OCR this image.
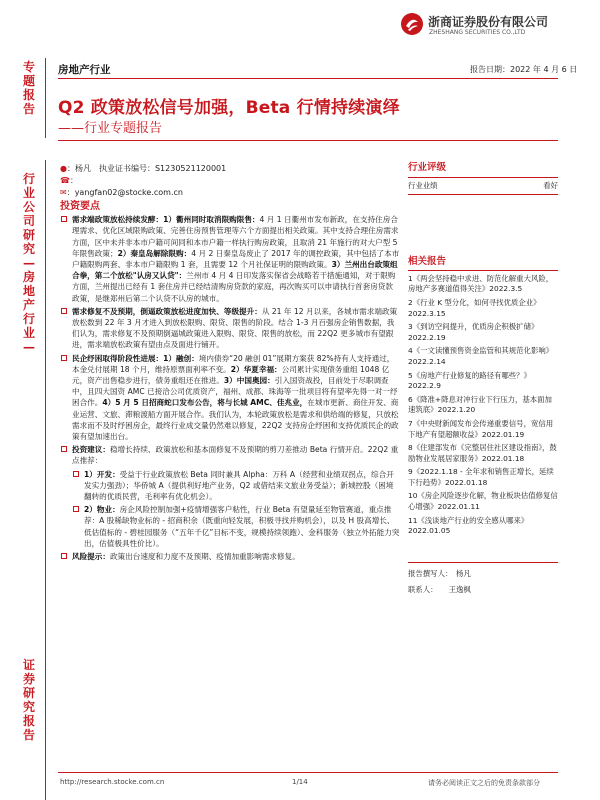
浙商证券股份有限公司
ZHESHANG SECURITIES CO.,LTD
房地产行业	报告日期：2022 年 4 月 6 日
专
题
报
告
行
业
公
司
研
究
—
房
地
产
行
业
—
证
券
研
究
报
告
Q2 政策放松信号加强，Beta 行情持续演绎
——行业专题报告
●：杨凡　执业证书编号：S1230521120001
☎：
✉：yangfan02@stocke.com.cn
投资要点
需求端政策放松持续发酵：1）衢州同时取消限购限售：4 月 1 日衢州市发布新政，在支持住房合理需求、优化区域限购政策、完善住房预售管理等六个方面提出相关政策。其中支持合理住房需求方面，区中未并非本市户籍可间同和本市户籍一样执行购房政策，且取消 21 年施行的对大户型 5 年限售政策；2）秦皇岛解除限购：4 月 2 日秦皇岛废止了 2017 年的调控政策，其中包括了本市户籍限购两套、非本市户籍限购 1 套，且需要 12 个月社保证明的限购政策。3）兰州出台政策组合拳，第二个放松"认房又认贷"：兰州市 4 月 4 日印发落实保省会战略若干措施通知，对于限购方面，兰州提出已经有 1 套住房并已经结清购房贷款的家庭，再次购买可以申请执行首套房贷款政策，是继郑州后第二个认贷不认房的城市。
需求修复不及预期，倒逼政策放松进度加快、等级提升：从 21 年 12 月以来，各城市需求端政策放松数到 22 年 3 月才进入到放松限购、限贷、限售的阶段。结合 1-3 月百强房企销售数据，我们认为，需求修复不及预期倒逼城政策进入限购、限贷、限售的放松，而 22Q2 更多城市有望跟进，需求端放松政策有望由点及面进行铺开。
民企纾困取得阶段性进展：1）融创：境内债券“20 融创 01”展期方案获 82%持有人支持通过，本金兑付展期 18 个月，维持原票面利率不变。2）华夏幸福：公司累计实现债务重组 1048 亿元，资产出售稳步进行，债务重组还在推进。3）中国奥园：引入国资战投，目前处于尽职调查中，且四大国资 AMC 已接洽公司优质资产，福州、成都、珠海等一批项目将有望率先得一对一纾困合作。4）5 月 5 日招商蛇口发布公告，将与长城 AMC、佳兆业，在城市更新、商住开发、商业运营、文旅、滞粮渡船方面开展合作。我们认为，本轮政策放松是需求和供给端的修复，只放松需求而不及时纾困房企，最终行业成交量仍然难以修复，22Q2 支持房企纾困和支持优质民企的政策有望加速出台。
投资建议：稳增长持续、政策放松和基本面修复不及预期的剪刀差推动 Beta 行情开启。22Q2 重点推荐：
1）开发：受益于行业政策放松 Beta 同时兼具 Alpha：万科 A（经营和业绩双拐点，综合开发实力强劲）；华侨城 A（提供利好地产业务，Q2 或借结来文旅业务受益）；新城控股（困境翻转的优质民营，毛利率有优化机会）。
2）物业：房企风险控制加强+疫情增强客户粘性，行业 Beta 有望量延至物管赛道，重点推荐：A 股稀缺物业标的 - 招商积余（既重向轻发展，积极寻找并购机会），以及 H 股高增长、低估值标的 - 碧桂园服务（“五年千亿”目标不变，规模持续领跑）、金科服务（独立外拓能力突出，估值极具性价比）。
风险提示：政策出台速度和力度不及预期、疫情加重影响需求修复。
行业评级
行业业绩	看好
相关报告
1《两会坚持稳中求进、防范化解重大风险，房地产多赛道值得关注》2022.3.5
2《行业 K 型分化，如何寻找优质企业》2022.3.15
3《到访空间提升，优质房企积极扩储》2022.2.19
4《一文读懂预售资金监管和其规范化影响》2022.2.14
5《房地产行业修复的路径有哪些？》2022.2.9
6《降准+降息对冲行业下行压力，基本面加速筑底》2022.1.20
7《中央财新闻发布会传递重要信号，宽信用下地产有望超额收益》2022.01.19
8《住建部发布《完整居住社区建设指南》，鼓励物业发展居家服务》2022.01.18
9《2022.1.18 - 全年求和销售正增长，延续下行趋势》2022.01.18
10《房企风险逐步化解，物业板块估值修复信心增强》2022.01.11
11《浅谈地产行业的安全感从哪来》2022.01.05
报告撰写人：　杨凡
联系人：　　王逸枫
http://research.stocke.com.cn	1/14	请务必阅读正文之后的免责条款部分
